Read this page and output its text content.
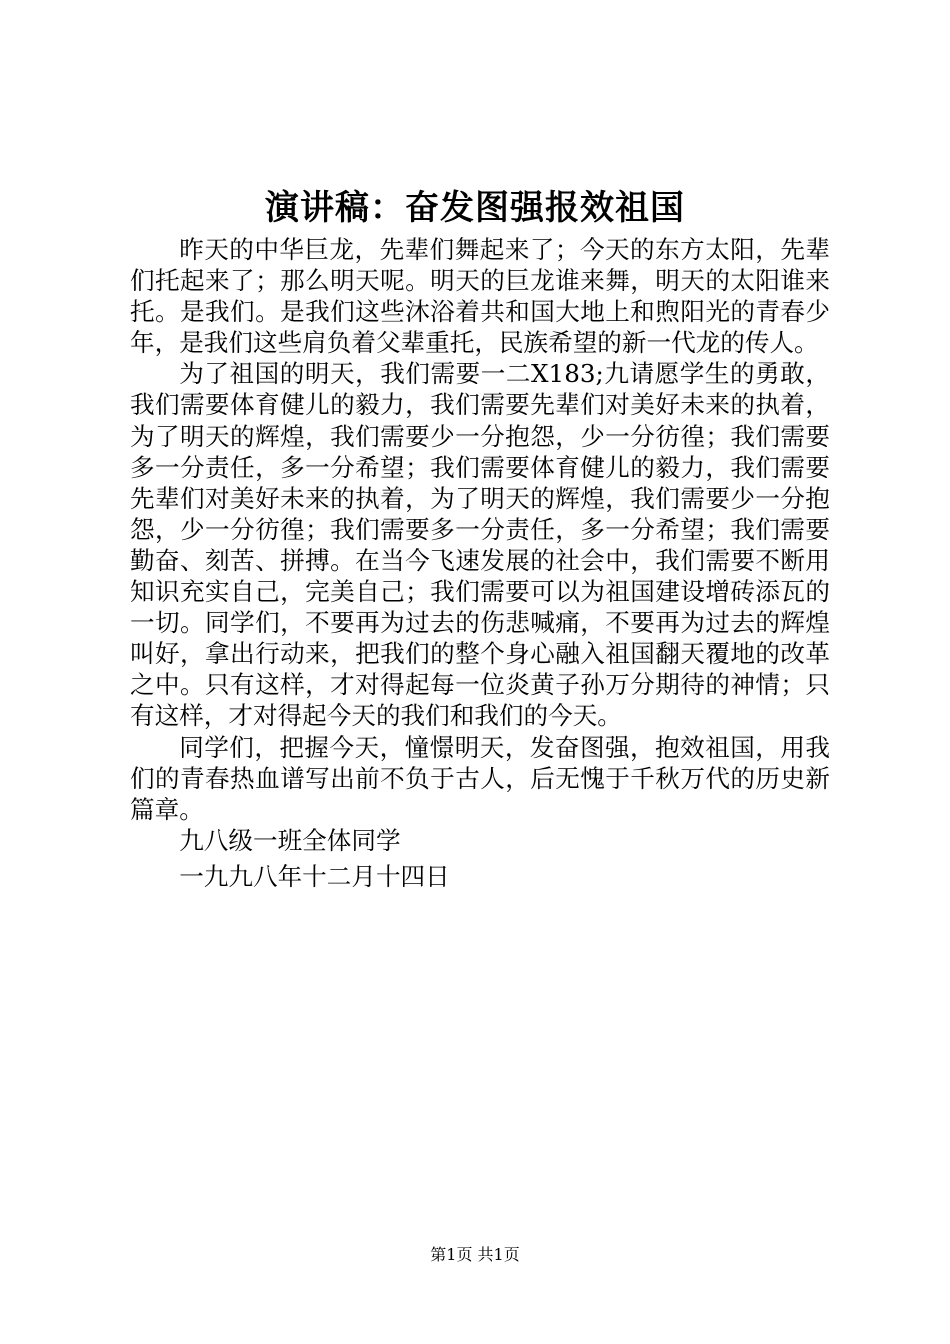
演讲稿：奋发图强报效祖国

昨天的中华巨龙，先辈们舞起来了；今天的东方太阳，先辈们托起来了；那么明天呢。明天的巨龙谁来舞，明天的太阳谁来托。是我们。是我们这些沐浴着共和国大地上和煦阳光的青春少年，是我们这些肩负着父辈重托，民族希望的新一代龙的传人。

为了祖国的明天，我们需要一二X183;九请愿学生的勇敢，我们需要体育健儿的毅力，我们需要先辈们对美好未来的执着，为了明天的辉煌，我们需要少一分抱怨，少一分彷徨；我们需要多一分责任，多一分希望；我们需要体育健儿的毅力，我们需要先辈们对美好未来的执着，为了明天的辉煌，我们需要少一分抱怨，少一分彷徨；我们需要多一分责任，多一分希望；我们需要勤奋、刻苦、拼搏。在当今飞速发展的社会中，我们需要不断用知识充实自己，完美自己；我们需要可以为祖国建设增砖添瓦的一切。同学们，不要再为过去的伤悲喊痛，不要再为过去的辉煌叫好，拿出行动来，把我们的整个身心融入祖国翻天覆地的改革之中。只有这样，才对得起每一位炎黄子孙万分期待的神情；只有这样，才对得起今天的我们和我们的今天。

同学们，把握今天，憧憬明天，发奋图强，抱效祖国，用我们的青春热血谱写出前不负于古人，后无愧于千秋万代的历史新篇章。

九八级一班全体同学

一九九八年十二月十四日

第1页 共1页
